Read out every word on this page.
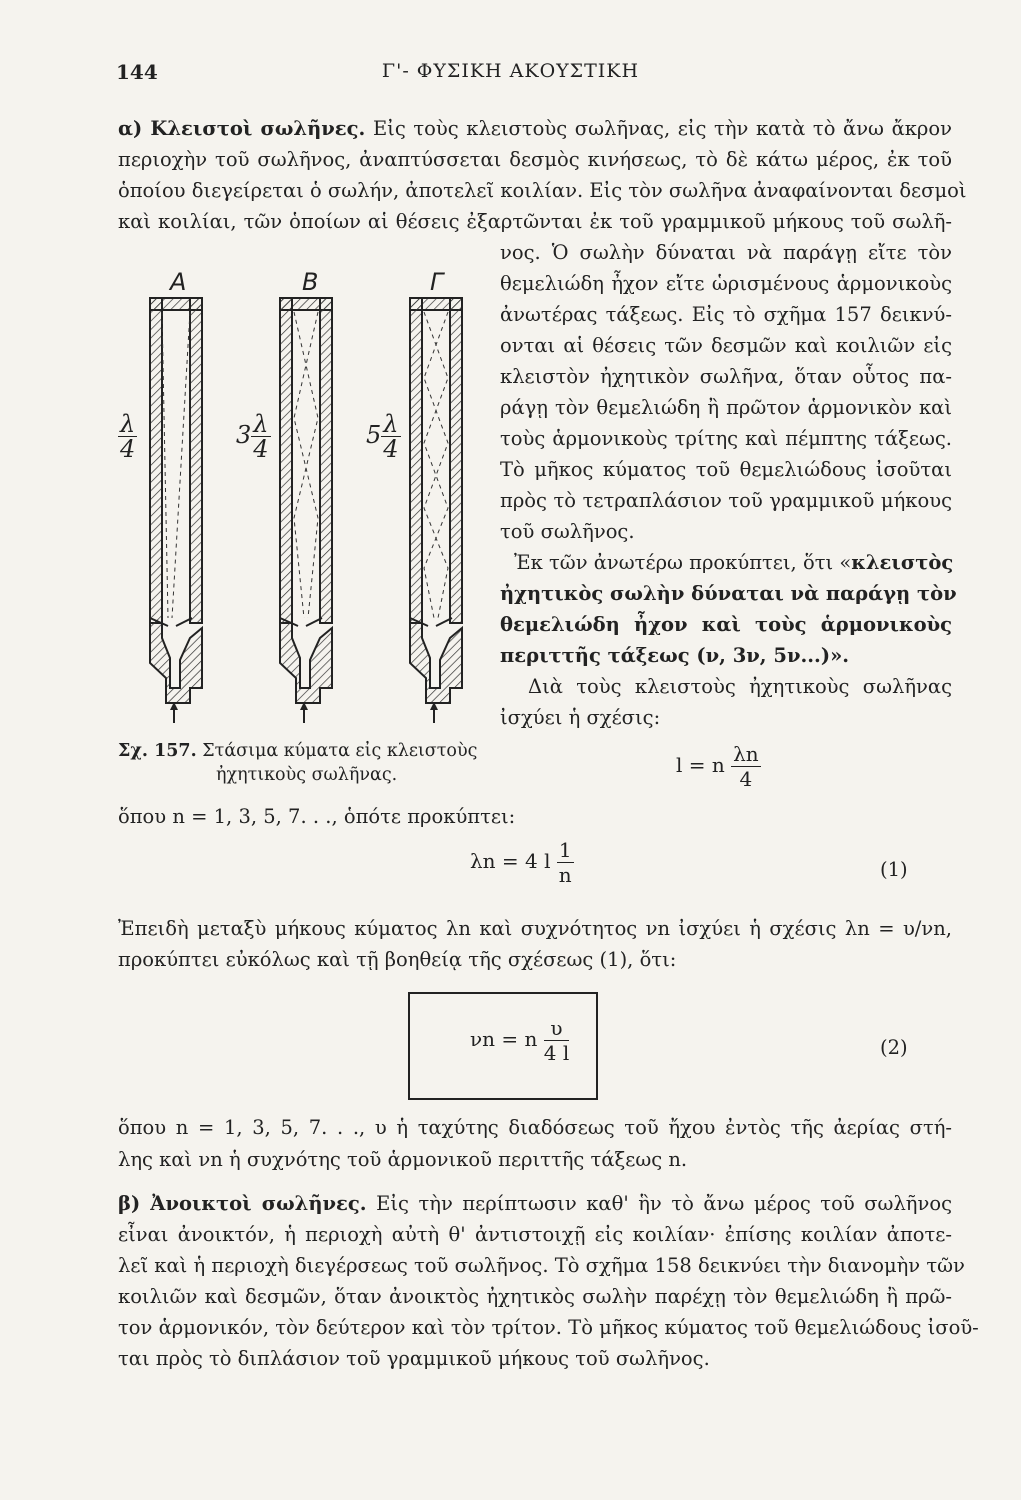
144	Γ'- ΦΥΣΙΚΗ ΑΚΟΥΣΤΙΚΗ
α) Κλειστοὶ σωλῆνες. Εἰς τοὺς κλειστοὺς σωλῆνας, εἰς τὴν κατὰ τὸ ἄνω ἄκρον
περιοχὴν τοῦ σωλῆνος, ἀναπτύσσεται δεσμὸς κινήσεως, τὸ δὲ κάτω μέρος, ἐκ τοῦ
ὁποίου διεγείρεται ὁ σωλήν, ἀποτελεῖ κοιλίαν. Εἰς τὸν σωλῆνα ἀναφαίνονται δεσμοὶ
καὶ κοιλίαι, τῶν ὁποίων αἱ θέσεις ἐξαρτῶνται ἐκ τοῦ γραμμικοῦ μήκους τοῦ σωλῆ-
νος. Ὁ σωλὴν δύναται νὰ παράγῃ εἴτε τὸν
θεμελιώδη ἦχον εἴτε ὡρισμένους ἁρμονικοὺς
ἀνωτέρας τάξεως. Εἰς τὸ σχῆμα 157 δεικνύ-
ονται αἱ θέσεις τῶν δεσμῶν καὶ κοιλιῶν εἰς
κλειστὸν ἠχητικὸν σωλῆνα, ὅταν οὗτος πα-
ράγῃ τὸν θεμελιώδη ἢ πρῶτον ἁρμονικὸν καὶ
τοὺς ἁρμονικοὺς τρίτης καὶ πέμπτης τάξεως.
Τὸ μῆκος κύματος τοῦ θεμελιώδους ἰσοῦται
πρὸς τὸ τετραπλάσιον τοῦ γραμμικοῦ μήκους
τοῦ σωλῆνος.
Ἐκ τῶν ἀνωτέρω προκύπτει, ὅτι «κλειστὸς
ἠχητικὸς σωλὴν δύναται νὰ παράγῃ τὸν
θεμελιώδη ἦχον καὶ τοὺς ἁρμονικοὺς
περιττῆς τάξεως (ν, 3ν, 5ν...)».
Διὰ τοὺς κλειστοὺς ἠχητικοὺς σωλῆνας
ἰσχύει ἡ σχέσις:
Α	Β	Γ
$\frac{\lambda}{4}$	$3 \frac{\lambda}{4}$	$5 \frac{\lambda}{4}$
Σχ. 157. Στάσιμα κύματα εἰς κλειστοὺς
ἠχητικοὺς σωλῆνας.	l = n $\frac{\lambda n}{4}$
ὅπου n = 1, 3, 5, 7. . ., ὁπότε προκύπτει:
λn = 4 l $\frac{1}{n}$	(1)
Ἐπειδὴ μεταξὺ μήκους κύματος λn καὶ συχνότητος νn ἰσχύει ἡ σχέσις λn = υ/νn,
προκύπτει εὐκόλως καὶ τῇ βοηθείᾳ τῆς σχέσεως (1), ὅτι:
νn = n $\frac{\upsilon}{4 l}$	(2)
ὅπου n = 1, 3, 5, 7. . ., υ ἡ ταχύτης διαδόσεως τοῦ ἤχου ἐντὸς τῆς ἀερίας στή-
λης καὶ νn ἡ συχνότης τοῦ ἁρμονικοῦ περιττῆς τάξεως n.
β) Ἀνοικτοὶ σωλῆνες. Εἰς τὴν περίπτωσιν καθ' ἣν τὸ ἄνω μέρος τοῦ σωλῆνος
εἶναι ἀνοικτόν, ἡ περιοχὴ αὐτὴ θ' ἀντιστοιχῇ εἰς κοιλίαν· ἐπίσης κοιλίαν ἀποτε-
λεῖ καὶ ἡ περιοχὴ διεγέρσεως τοῦ σωλῆνος. Τὸ σχῆμα 158 δεικνύει τὴν διανομὴν τῶν
κοιλιῶν καὶ δεσμῶν, ὅταν ἀνοικτὸς ἠχητικὸς σωλὴν παρέχῃ τὸν θεμελιώδη ἢ πρῶ-
τον ἁρμονικόν, τὸν δεύτερον καὶ τὸν τρίτον. Τὸ μῆκος κύματος τοῦ θεμελιώδους ἰσοῦ-
ται πρὸς τὸ διπλάσιον τοῦ γραμμικοῦ μήκους τοῦ σωλῆνος.
